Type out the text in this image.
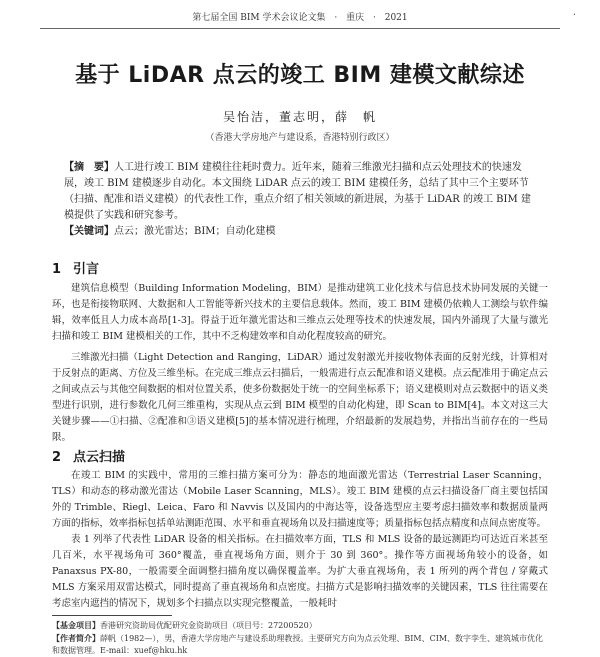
第七届全国 BIM 学术会议论文集 · 重庆 · 2021	·
基于 LiDAR 点云的竣工 BIM 建模文献综述
吴怡洁，董志明，薛　帆
（香港大学房地产与建设系，香港特别行政区）
【摘　要】人工进行竣工 BIM 建模往往耗时费力。近年来，随着三维激光扫描和点云处理技术的快速发展，竣工 BIM 建模逐步自动化。本文围绕 LiDAR 点云的竣工 BIM 建模任务，总结了其中三个主要环节（扫描、配准和语义建模）的代表性工作，重点介绍了相关领域的新进展，为基于 LiDAR 的竣工 BIM 建模提供了实践和研究参考。
【关键词】点云；激光雷达；BIM；自动化建模
1 引言
建筑信息模型（Building Information Modeling，BIM）是推动建筑工业化技术与信息技术协同发展的关键一环，也是衔接物联网、大数据和人工智能等新兴技术的主要信息载体。然而，竣工 BIM 建模仍依赖人工测绘与软件编辑，效率低且人力成本高昂[1-3]。得益于近年激光雷达和三维点云处理等技术的快速发展，国内外涌现了大量与激光扫描和竣工 BIM 建模相关的工作，其中不乏构建效率和自动化程度较高的研究。
三维激光扫描（Light Detection and Ranging，LiDAR）通过发射激光并接收物体表面的反射光线，计算相对于反射点的距离、方位及三维坐标。在完成三维点云扫描后，一般需进行点云配准和语义建模。点云配准用于确定点云之间或点云与其他空间数据的相对位置关系，使多份数据处于统一的空间坐标系下；语义建模则对点云数据中的语义类型进行识别，进行参数化几何三维重构，实现从点云到 BIM 模型的自动化构建，即 Scan to BIM[4]。本文对这三大关键步骤——①扫描、②配准和③语义建模[5]的基本情况进行梳理，介绍最新的发展趋势，并指出当前存在的一些局限。
2 点云扫描
在竣工 BIM 的实践中，常用的三维扫描方案可分为：静态的地面激光雷达（Terrestrial Laser Scanning，TLS）和动态的移动激光雷达（Mobile Laser Scanning，MLS）。竣工 BIM 建模的点云扫描设备厂商主要包括国外的 Trimble、Riegl、Leica、Faro 和 Navvis 以及国内的中海达等，设备选型应主要考虑扫描效率和数据质量两方面的指标，效率指标包括单站测距范围、水平和垂直视场角以及扫描速度等；质量指标包括点精度和点间点密度等。
表 1 列举了代表性 LiDAR 设备的相关指标。在扫描效率方面，TLS 和 MLS 设备的最远测距均可达近百米甚至几百米，水平视场角可 360°覆盖，垂直视场角方面，则介于 30 到 360°。操作等方面视场角较小的设备，如 Panaxsus PX-80，一般需要全面调整扫描角度以确保覆盖率。为扩大垂直视场角，表 1 所列的两个背包 / 穿戴式 MLS 方案采用双雷达模式，同时提高了垂直视场角和点密度。扫描方式是影响扫描效率的关键因素，TLS 往往需要在考虑室内遮挡的情况下，规划多个扫描点以实现完整覆盖，一般耗时
【基金项目】香港研究资助局优配研究金资助项目（项目号：27200520）
【作者简介】薛帆（1982—），男，香港大学房地产与建设系助理教授。主要研究方向为点云处理、BIM、CIM、数字孪生、建筑城市优化和数据管理。E-mail：xuef@hku.hk
